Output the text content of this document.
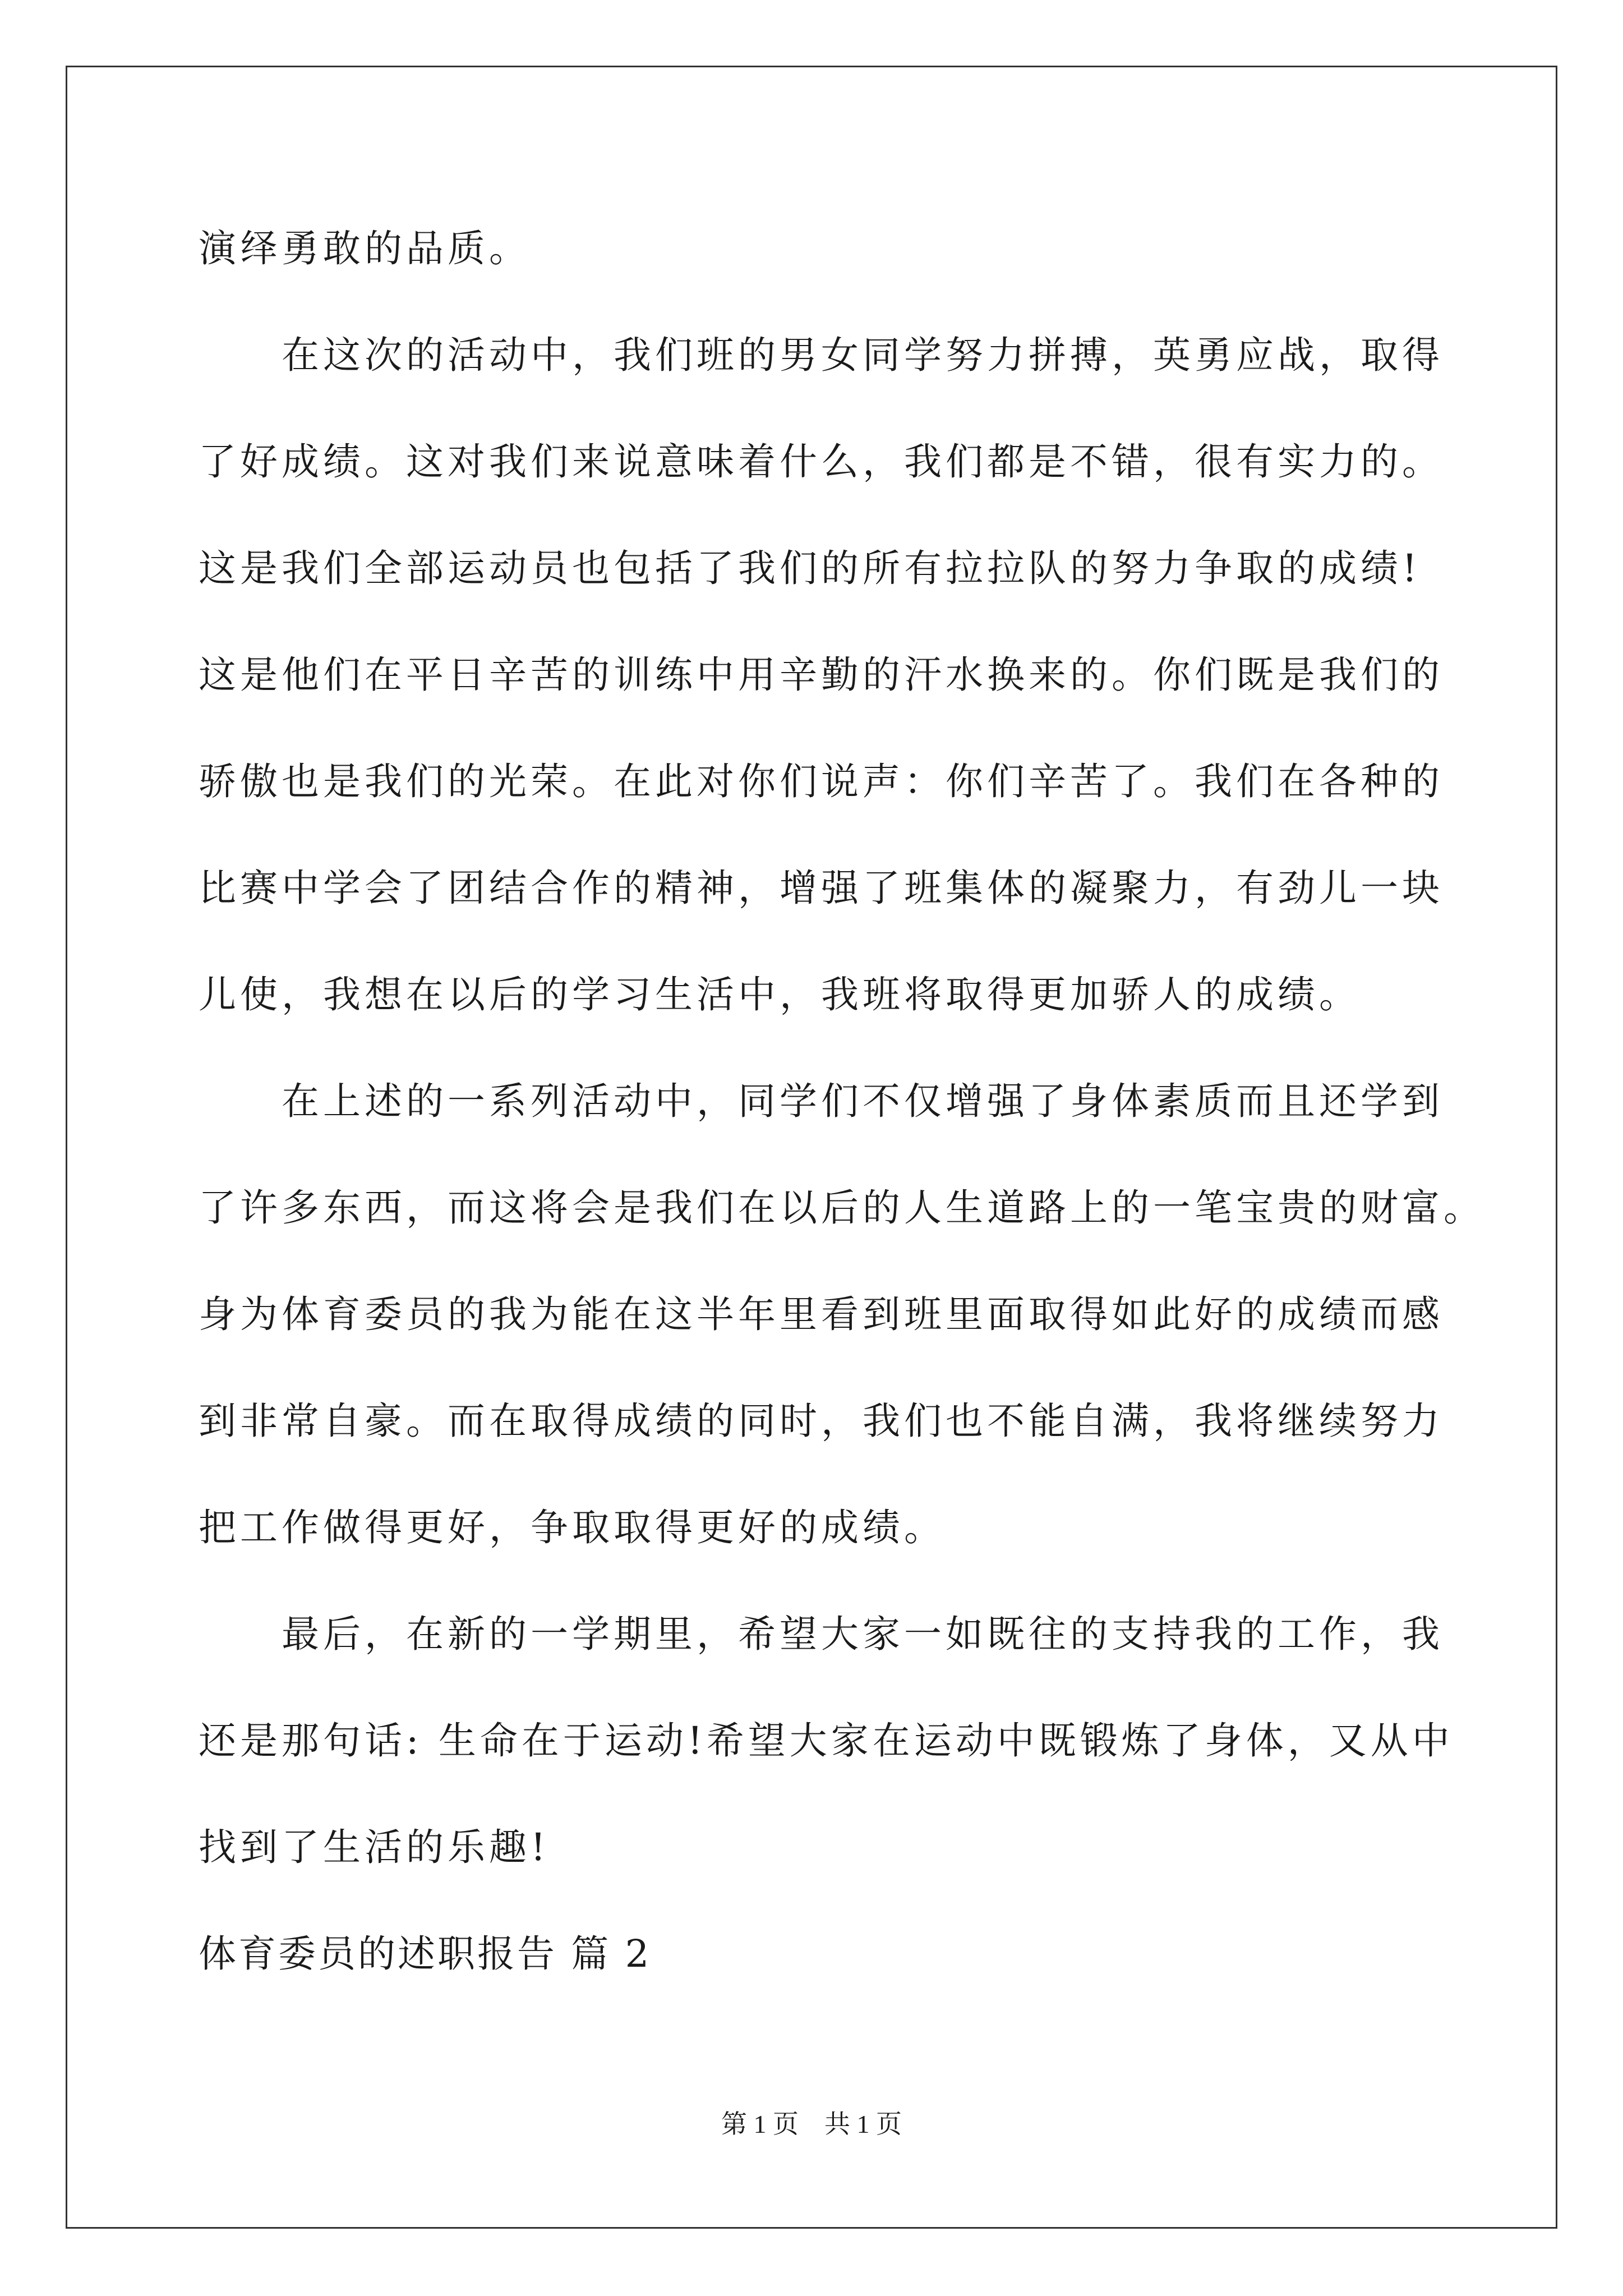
演绎勇敢的品质。
　　在这次的活动中，我们班的男女同学努力拼搏，英勇应战，取得
了好成绩。这对我们来说意味着什么，我们都是不错，很有实力的。
这是我们全部运动员也包括了我们的所有拉拉队的努力争取的成绩!
这是他们在平日辛苦的训练中用辛勤的汗水换来的。你们既是我们的
骄傲也是我们的光荣。在此对你们说声：你们辛苦了。我们在各种的
比赛中学会了团结合作的精神，增强了班集体的凝聚力，有劲儿一块
儿使，我想在以后的学习生活中，我班将取得更加骄人的成绩。
　　在上述的一系列活动中，同学们不仅增强了身体素质而且还学到
了许多东西，而这将会是我们在以后的人生道路上的一笔宝贵的财富。
身为体育委员的我为能在这半年里看到班里面取得如此好的成绩而感
到非常自豪。而在取得成绩的同时，我们也不能自满，我将继续努力
把工作做得更好，争取取得更好的成绩。
　　最后，在新的一学期里，希望大家一如既往的支持我的工作，我
还是那句话: 生命在于运动!希望大家在运动中既锻炼了身体，又从中
找到了生活的乐趣!
体育委员的述职报告 篇 2
第 1 页    共 1 页
